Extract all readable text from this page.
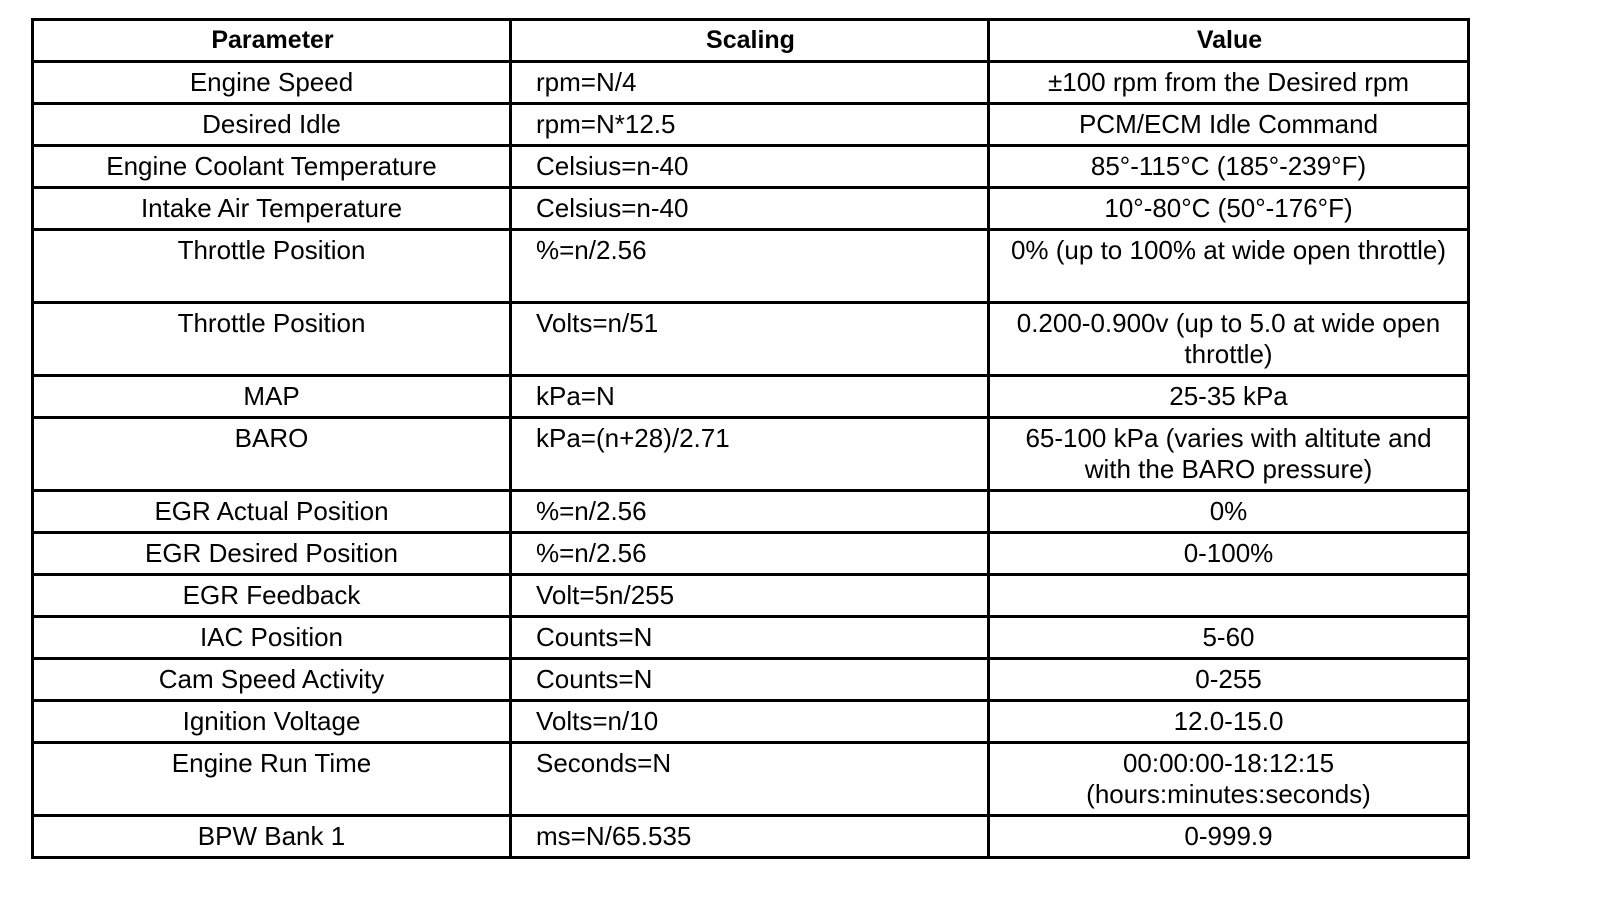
Parameter	Scaling	Value
Engine Speed	rpm=N/4	±100 rpm from the Desired rpm
Desired Idle	rpm=N*12.5	PCM/ECM Idle Command
Engine Coolant Temperature	Celsius=n-40	85°-115°C (185°-239°F)
Intake Air Temperature	Celsius=n-40	10°-80°C (50°-176°F)
Throttle Position	%=n/2.56	0% (up to 100% at wide open throttle)
Throttle Position	Volts=n/51	0.200-0.900v (up to 5.0 at wide open throttle)
MAP	kPa=N	25-35 kPa
BARO	kPa=(n+28)/2.71	65-100 kPa (varies with altitute and with the BARO pressure)
EGR Actual Position	%=n/2.56	0%
EGR Desired Position	%=n/2.56	0-100%
EGR Feedback	Volt=5n/255	
IAC Position	Counts=N	5-60
Cam Speed Activity	Counts=N	0-255
Ignition Voltage	Volts=n/10	12.0-15.0
Engine Run Time	Seconds=N	00:00:00-18:12:15 (hours:minutes:seconds)
BPW Bank 1	ms=N/65.535	0-999.9
